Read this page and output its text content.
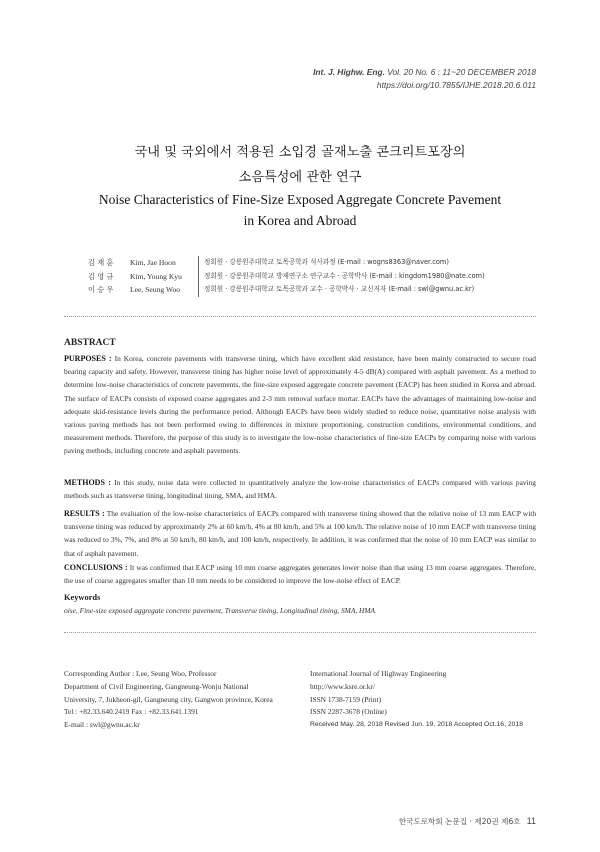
Int. J. Highw. Eng. Vol. 20 No. 6 : 11~20 DECEMBER 2018
https://doi.org/10.7855/IJHE.2018.20.6.011
국내 및 국외에서 적용된 소입경 골재노출 콘크리트포장의
소음특성에 관한 연구
Noise Characteristics of Fine-Size Exposed Aggregate Concrete Pavement
in Korea and Abroad
김 재 훈	Kim, Jae Hoon	정회원 · 강릉원주대학교 토목공학과 석사과정 (E-mail : wogns8363@naver.com)
김 영 규	Kim, Young Kyu	정회원 · 강릉원주대학교 방재연구소 연구교수 · 공학박사 (E-mail : kingdom1980@nate.com)
이 승 우	Lee, Seung Woo	정회원 · 강릉원주대학교 토목공학과 교수 · 공학박사 · 교신저자 (E-mail : swl@gwnu.ac.kr)
ABSTRACT
PURPOSES : In Korea, concrete pavements with transverse tining, which have excellent skid resistance, have been mainly constructed to secure road bearing capacity and safety. However, transverse tining has higher noise level of approximately 4-5 dB(A) compared with asphalt pavement. As a method to determine low-noise characteristics of concrete pavements, the fine-size exposed aggregate concrete pavement (EACP) has been studied in Korea and abroad. The surface of EACPs consists of exposed coarse aggregates and 2-3 mm removal surface mortar. EACPs have the advantages of maintaining low-noise and adequate skid-resistance levels during the performance period. Although EACPs have been widely studied to reduce noise, quantitative noise analysis with various paving methods has not been performed owing to differences in mixture proportioning, construction conditions, environmental conditions, and measurement methods. Therefore, the purpose of this study is to investigate the low-noise characteristics of fine-size EACPs by comparing noise with various paving methods, including concrete and asphalt pavements.
METHODS : In this study, noise data were collected to quantitatively analyze the low-noise characteristics of EACPs compared with various paving methods such as transverse tining, longitudinal tining, SMA, and HMA.
RESULTS : The evaluation of the low-noise characteristics of EACPs compared with transverse tining showed that the relative noise of 13 mm EACP with transverse tining was reduced by approximately 2% at 60 km/h, 4% at 80 km/h, and 5% at 100 km/h. The relative noise of 10 mm EACP with transverse tining was reduced to 3%, 7%, and 8% at 50 km/h, 80 km/h, and 100 km/h, respectively. In addition, it was confirmed that the noise of 10 mm EACP was similar to that of asphalt pavement.
CONCLUSIONS : It was confirmed that EACP using 10 mm coarse aggregates generates lower noise than that using 13 mm coarse aggregates. Therefore, the use of coarse aggregates smaller than 10 mm needs to be considered to improve the low-noise effect of EACP.
Keywords
oise, Fine-size exposed aggregate concrete pavement, Transverse tining, Longitudinal tining, SMA, HMA
Corresponding Author : Lee, Seung Woo, Professor
Department of Civil Engineering, Gangneung-Wonju National
University, 7, Jukheon-gil, Gangneung city, Gangwon province, Korea
Tel : +82.33.640.2419 Fax : +82.33.641.1391
E-mail : swl@gwnu.ac.kr
International Journal of Highway Engineering
http://www.ksre.or.kr/
ISSN 1738-7159 (Print)
ISSN 2287-3678 (Online)
Received May. 28, 2018 Revised Jun. 19, 2018 Accepted Oct.16, 2018
한국도로학회 논문집 · 제20권 제6호 11
